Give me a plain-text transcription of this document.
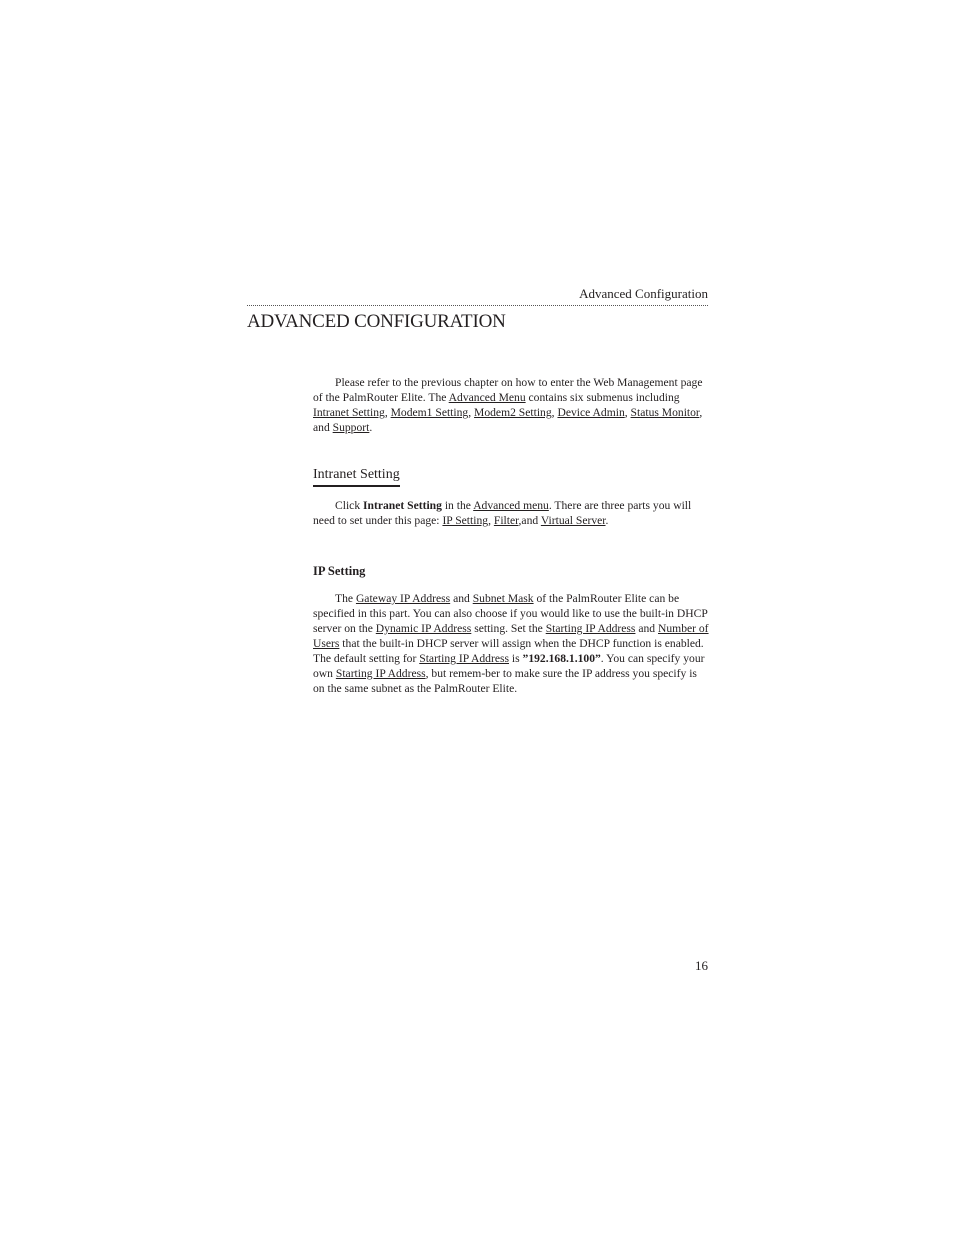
Advanced Configuration
ADVANCED CONFIGURATION

Please refer to the previous chapter on how to enter the Web Management page of the PalmRouter Elite. The Advanced Menu contains six submenus including Intranet Setting, Modem1 Setting, Modem2 Setting, Device Admin, Status Monitor, and Support.

Intranet Setting

Click Intranet Setting in the Advanced menu. There are three parts you will need to set under this page: IP Setting, Filter,and Virtual Server.

IP Setting

The Gateway IP Address and Subnet Mask of the PalmRouter Elite can be specified in this part. You can also choose if you would like to use the built-in DHCP server on the Dynamic IP Address setting. Set the Starting IP Address and Number of Users that the built-in DHCP server will assign when the DHCP function is enabled. The default setting for Starting IP Address is ”192.168.1.100”. You can specify your own Starting IP Address, but remem-ber to make sure the IP address you specify is on the same subnet as the PalmRouter Elite.

16
